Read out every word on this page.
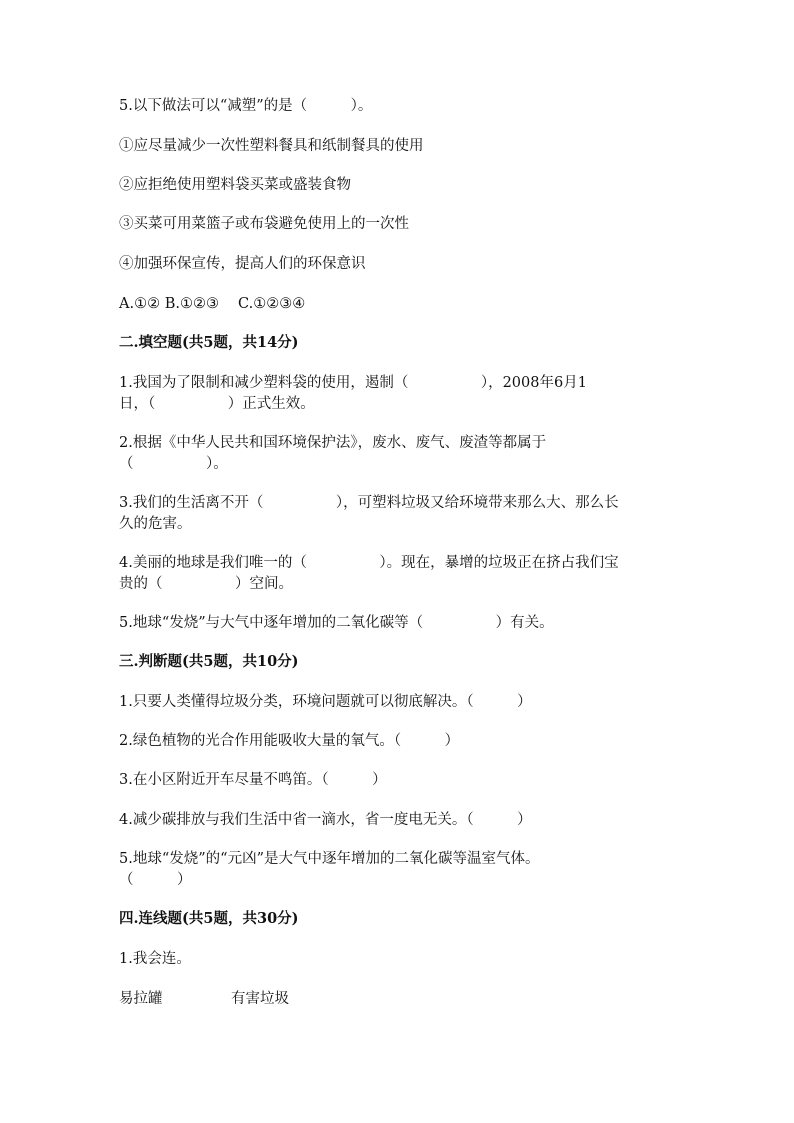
5.以下做法可以“减塑”的是（　　　）。
①应尽量减少一次性塑料餐具和纸制餐具的使用
②应拒绝使用塑料袋买菜或盛装食物
③买菜可用菜篮子或布袋避免使用上的一次性
④加强环保宣传，提高人们的环保意识
A.①② B.①②③　 C.①②③④
二.填空题(共5题，共14分)
1.我国为了限制和减少塑料袋的使用，遏制（　　　　　），2008年6月1
日，（　　　　　）正式生效。
2.根据《中华人民共和国环境保护法》，废水、废气、废渣等都属于
（　　　　　）。
3.我们的生活离不开（　　　　　），可塑料垃圾又给环境带来那么大、那么长
久的危害。
4.美丽的地球是我们唯一的（　　　　　）。现在，暴增的垃圾正在挤占我们宝
贵的（　　　　　）空间。
5.地球“发烧”与大气中逐年增加的二氧化碳等（　　　　　）有关。
三.判断题(共5题，共10分)
1.只要人类懂得垃圾分类，环境问题就可以彻底解决。（　　　）
2.绿色植物的光合作用能吸收大量的氧气。（　　　）
3.在小区附近开车尽量不鸣笛。（　　　）
4.减少碳排放与我们生活中省一滴水，省一度电无关。（　　　）
5.地球“发烧”的“元凶”是大气中逐年增加的二氧化碳等温室气体。
（　　　）
四.连线题(共5题，共30分)
1.我会连。
易拉罐	有害垃圾
